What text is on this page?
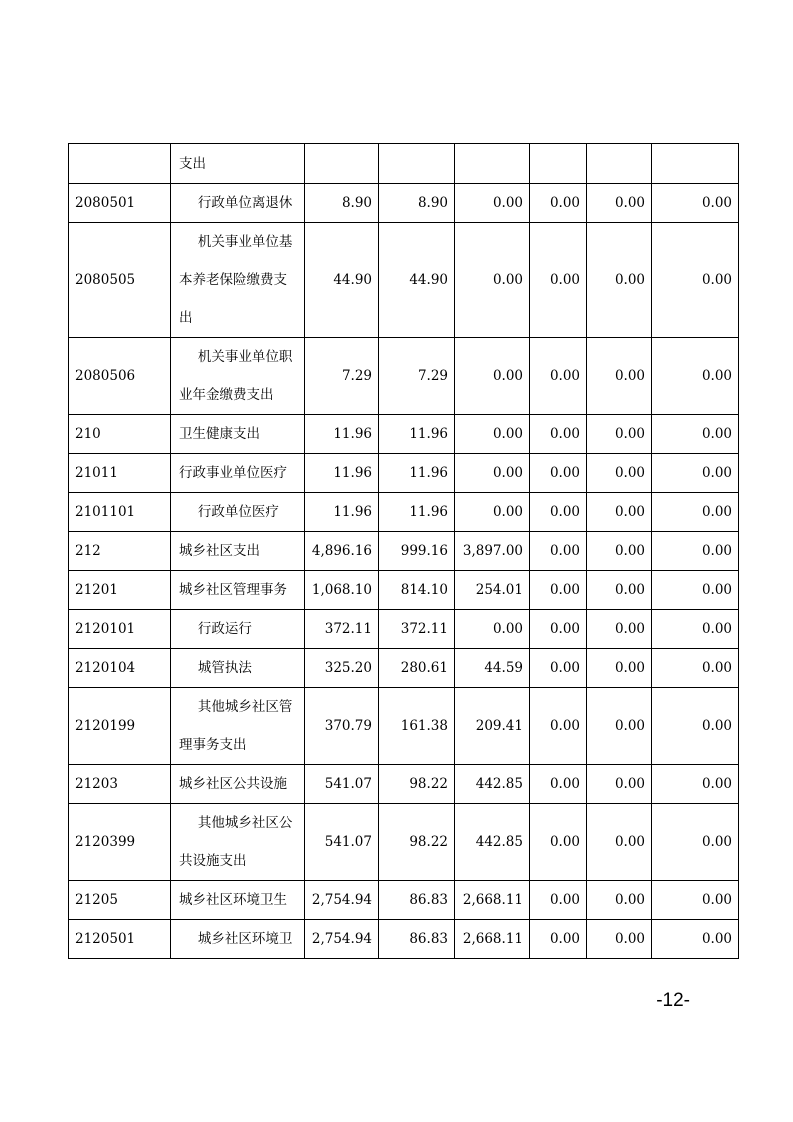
	支出						
2080501	行政单位离退休	8.90	8.90	0.00	0.00	0.00	0.00
2080505	机关事业单位基本养老保险缴费支出	44.90	44.90	0.00	0.00	0.00	0.00
2080506	机关事业单位职业年金缴费支出	7.29	7.29	0.00	0.00	0.00	0.00
210	卫生健康支出	11.96	11.96	0.00	0.00	0.00	0.00
21011	行政事业单位医疗	11.96	11.96	0.00	0.00	0.00	0.00
2101101	行政单位医疗	11.96	11.96	0.00	0.00	0.00	0.00
212	城乡社区支出	4,896.16	999.16	3,897.00	0.00	0.00	0.00
21201	城乡社区管理事务	1,068.10	814.10	254.01	0.00	0.00	0.00
2120101	行政运行	372.11	372.11	0.00	0.00	0.00	0.00
2120104	城管执法	325.20	280.61	44.59	0.00	0.00	0.00
2120199	其他城乡社区管理事务支出	370.79	161.38	209.41	0.00	0.00	0.00
21203	城乡社区公共设施	541.07	98.22	442.85	0.00	0.00	0.00
2120399	其他城乡社区公共设施支出	541.07	98.22	442.85	0.00	0.00	0.00
21205	城乡社区环境卫生	2,754.94	86.83	2,668.11	0.00	0.00	0.00
2120501	城乡社区环境卫	2,754.94	86.83	2,668.11	0.00	0.00	0.00
-12-
